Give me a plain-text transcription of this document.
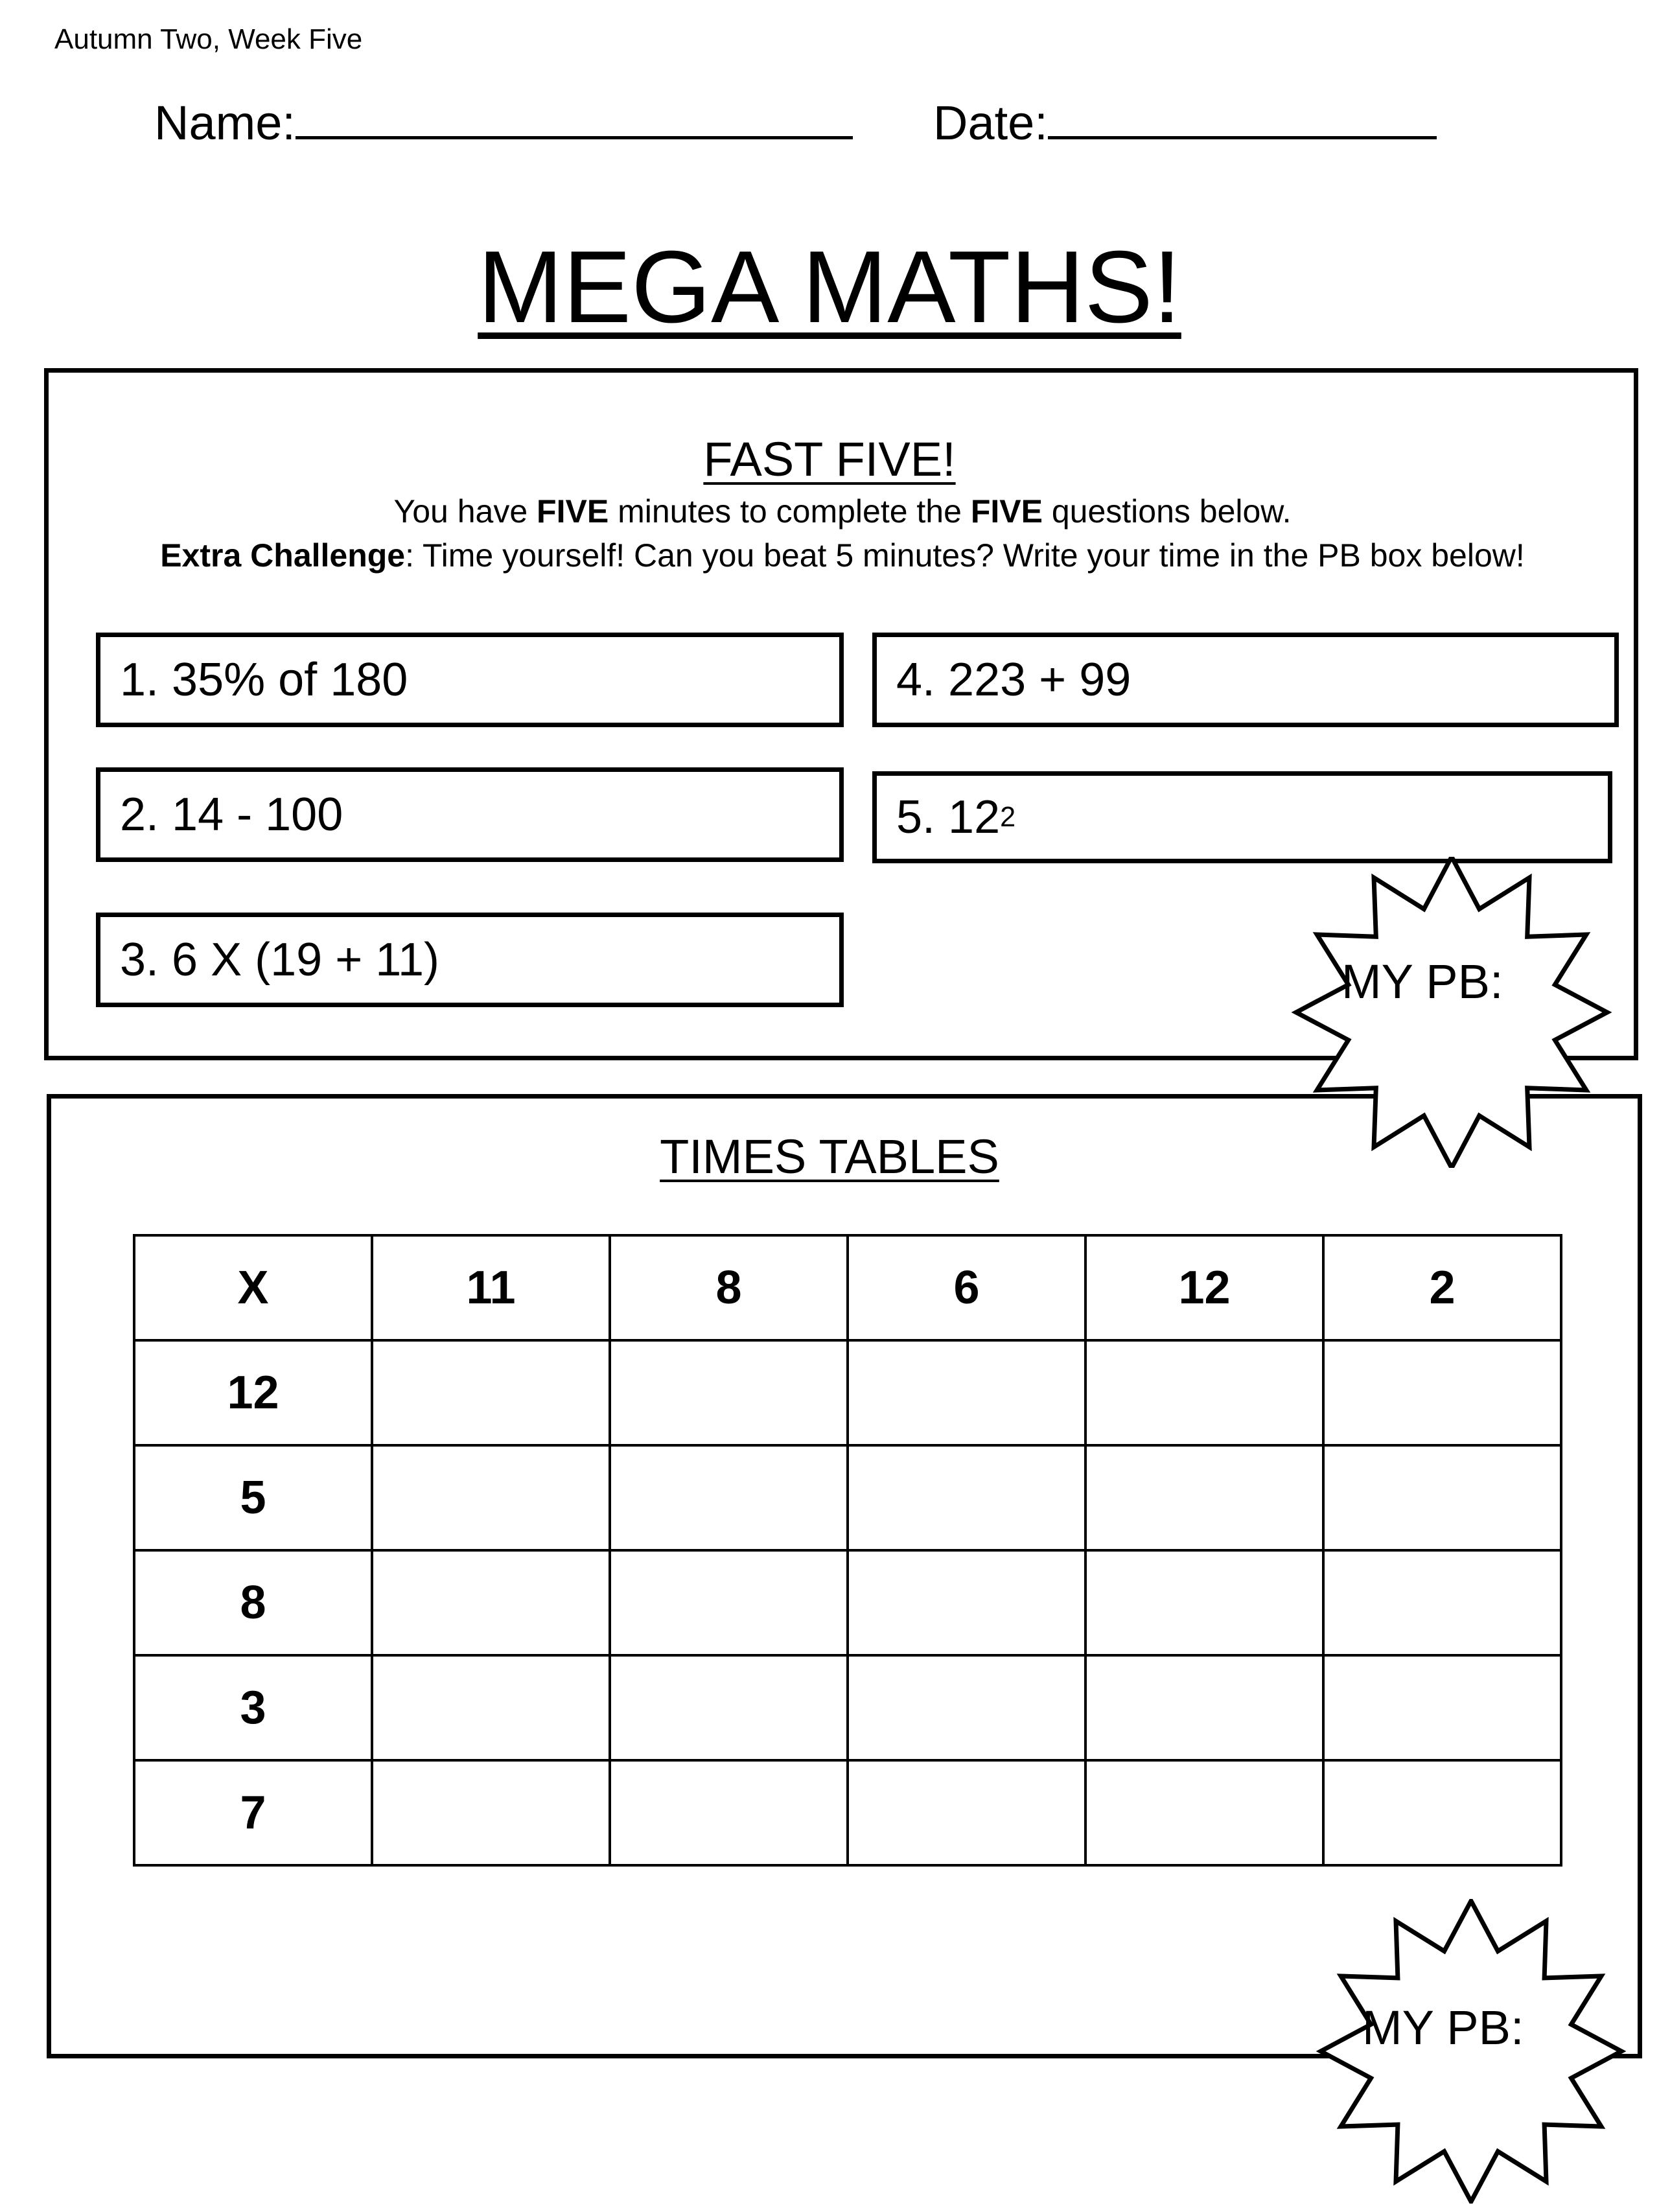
Autumn Two, Week Five
Name:	Date:
MEGA MATHS!
FAST FIVE!
You have FIVE minutes to complete the FIVE questions below.
Extra Challenge: Time yourself! Can you beat 5 minutes? Write your time in the PB box below!
1. 35% of 180
2. 14 - 100
3. 6 X (19 + 11)
4. 223 + 99
5. 12 2
TIMES TABLES
X	11	8	6	12	2
12					
5					
8					
3					
7					
MY PB:
MY PB:
